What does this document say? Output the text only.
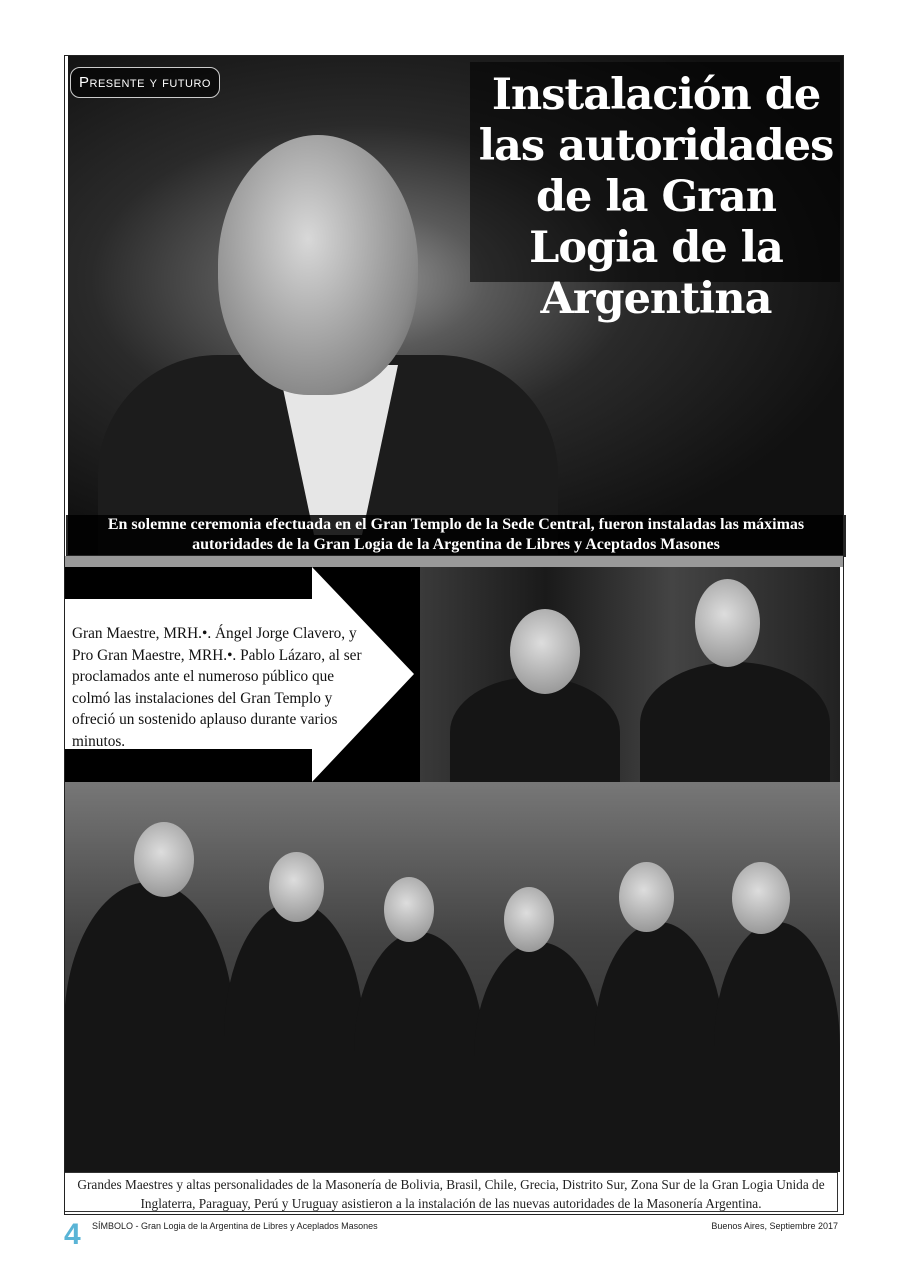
Presente y futuro	Instalación de las autoridades de la Gran Logia de la Argentina
En solemne ceremonia efectuada en el Gran Templo de la Sede Central, fueron instaladas las máximas autoridades de la Gran Logia de la Argentina de Libres y Aceptados Masones
Gran Maestre, MRH.•. Ángel Jorge Clavero, y Pro Gran Maestre, MRH.•. Pablo Lázaro, al ser proclamados ante el numeroso público que colmó las instalaciones del Gran Templo y ofreció un sostenido aplauso durante varios minutos.
Grandes Maestres y altas personalidades de la Masonería de Bolivia, Brasil, Chile, Grecia, Distrito Sur, Zona Sur de la Gran Logia Unida de Inglaterra, Paraguay, Perú y Uruguay asistieron a la instalación de las nuevas autoridades de la Masonería Argentina.
4 SÍMBOLO - Gran Logia de la Argentina de Libres y Aceplados Masones	Buenos Aires, Septiembre 2017
